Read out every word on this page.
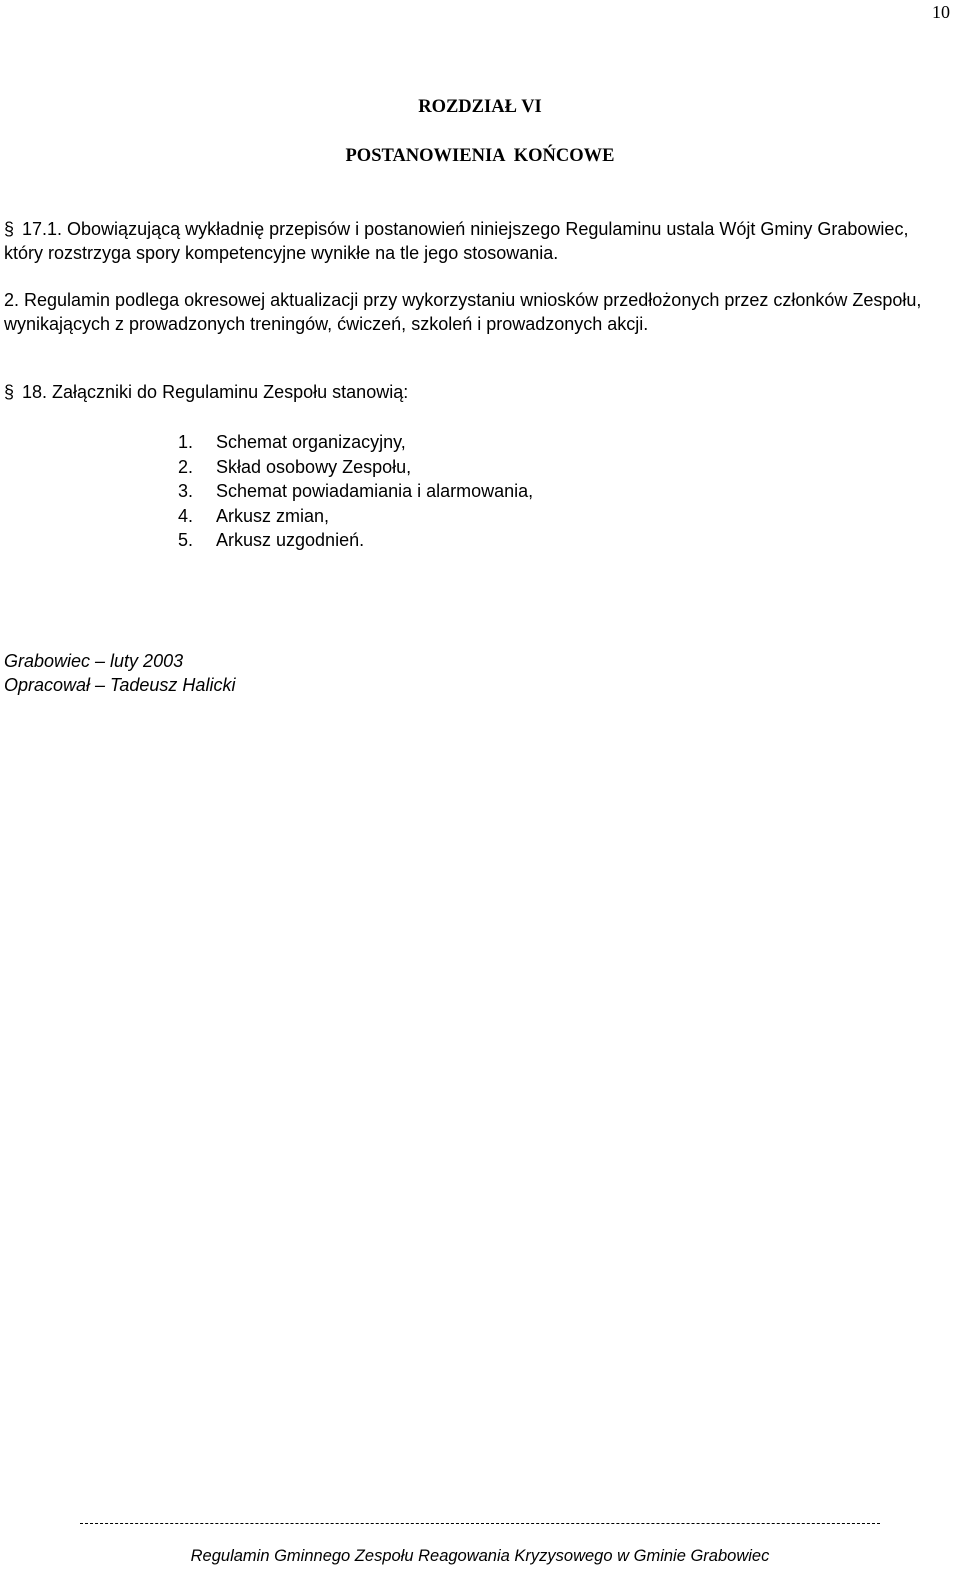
10
ROZDZIAŁ VI
POSTANOWIENIA  KOŃCOWE

§ 17.1. Obowiązującą wykładnię przepisów i postanowień niniejszego Regulaminu ustala Wójt Gminy Grabowiec, który rozstrzyga spory kompetencyjne wynikłe na tle jego stosowania.

2. Regulamin podlega okresowej aktualizacji przy wykorzystaniu wniosków przedłożonych przez członków Zespołu, wynikających z prowadzonych treningów, ćwiczeń, szkoleń i prowadzonych akcji.

§ 18. Załączniki do Regulaminu Zespołu stanowią:

1. Schemat organizacyjny,
2. Skład osobowy Zespołu,
3. Schemat powiadamiania i alarmowania,
4. Arkusz zmian,
5. Arkusz uzgodnień.
Grabowiec – luty 2003
Opracował – Tadeusz Halicki
Regulamin Gminnego Zespołu Reagowania Kryzysowego w Gminie Grabowiec
